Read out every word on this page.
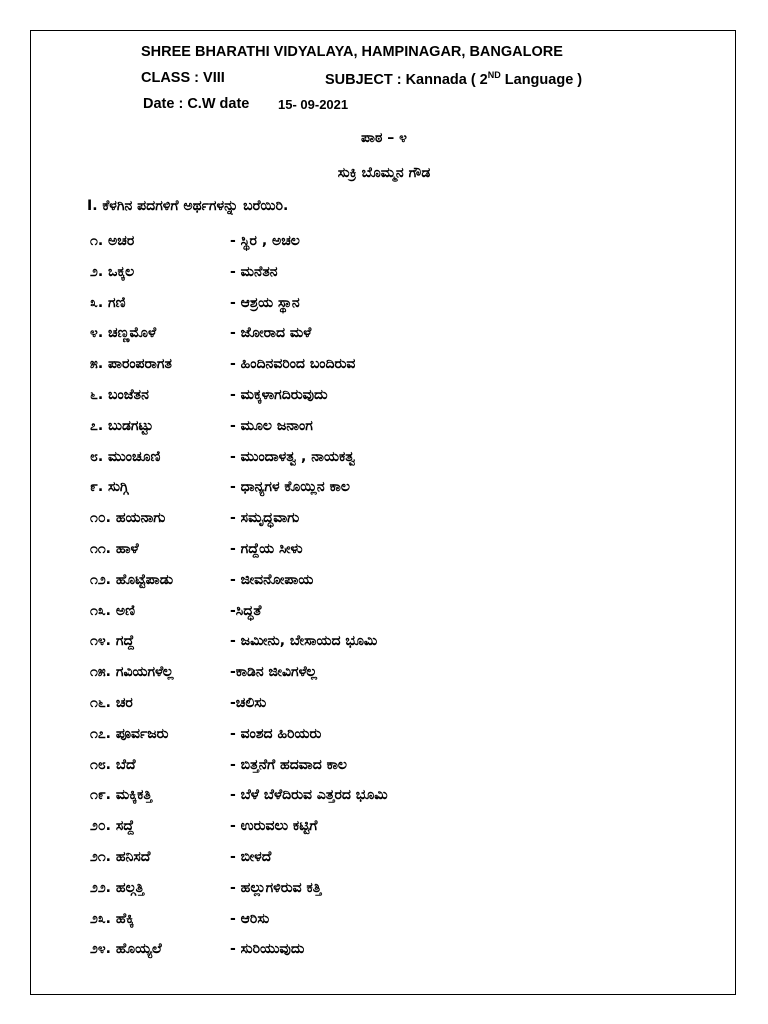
SHREE BHARATHI VIDYALAYA, HAMPINAGAR, BANGALORE
CLASS : VIII	SUBJECT : Kannada ( 2ND Language )
Date : C.W date 15- 09-2021
ಪಾಠ – ೪
ಸುಕ್ರಿ ಬೊಮ್ಮನ ಗೌಡ
I. ಕೆಳಗಿನ ಪದಗಳಿಗೆ ಅರ್ಥಗಳನ್ನು ಬರೆಯಿರಿ.
೧. ಅಚರ	- ಸ್ಥಿರ , ಅಚಲ
೨. ಒಕ್ಕಲ	- ಮನೆತನ
೩. ಗಣಿ	- ಆಶ್ರಯ ಸ್ಥಾನ
೪. ಚಣ್ಣಮೊಳೆ	- ಜೋರಾದ ಮಳೆ
೫. ಪಾರಂಪರಾಗತ	- ಹಿಂದಿನವರಿಂದ ಬಂದಿರುವ
೬. ಬಂಜೆತನ	- ಮಕ್ಕಳಾಗದಿರುವುದು
೭. ಬುಡಗಟ್ಟು	- ಮೂಲ ಜನಾಂಗ
೮. ಮುಂಚೂಣಿ	- ಮುಂದಾಳತ್ವ , ನಾಯಕತ್ವ
೯. ಸುಗ್ಗಿ	- ಧಾನ್ಯಗಳ ಕೊಯ್ಲಿನ ಕಾಲ
೧೦. ಹಯನಾಗು	- ಸಮೃದ್ಧವಾಗು
೧೧. ಹಾಳೆ	- ಗದ್ದೆಯ ಸೀಳು
೧೨. ಹೊಟ್ಟೆಪಾಡು	- ಜೀವನೋಪಾಯ
೧೩. ಅಣಿ	-ಸಿದ್ಧತೆ
೧೪. ಗದ್ದೆ	- ಜಮೀನು, ಬೇಸಾಯದ ಭೂಮಿ
೧೫. ಗವಿಯಗಳೆಲ್ಲ	-ಕಾಡಿನ ಜೀವಿಗಳೆಲ್ಲ
೧೬. ಚರ	-ಚಲಿಸು
೧೭. ಪೂರ್ವಜರು	- ವಂಶದ ಹಿರಿಯರು
೧೮. ಬೆದೆ	- ಬಿತ್ತನೆಗೆ ಹದವಾದ ಕಾಲ
೧೯. ಮಕ್ಕಿಕತ್ತಿ	- ಬೆಳೆ ಬೆಳೆದಿರುವ ಎತ್ತರದ ಭೂಮಿ
೨೦. ಸದ್ದೆ	- ಉರುವಲು ಕಟ್ಟಿಗೆ
೨೧. ಹನಿಸದೆ	- ಬೀಳದೆ
೨೨. ಹಲ್ಗತ್ತಿ	- ಹಲ್ಲುಗಳಿರುವ ಕತ್ತಿ
೨೩. ಹೆಕ್ಕಿ	- ಆರಿಸು
೨೪. ಹೊಯ್ಯಲೆ	- ಸುರಿಯುವುದು
